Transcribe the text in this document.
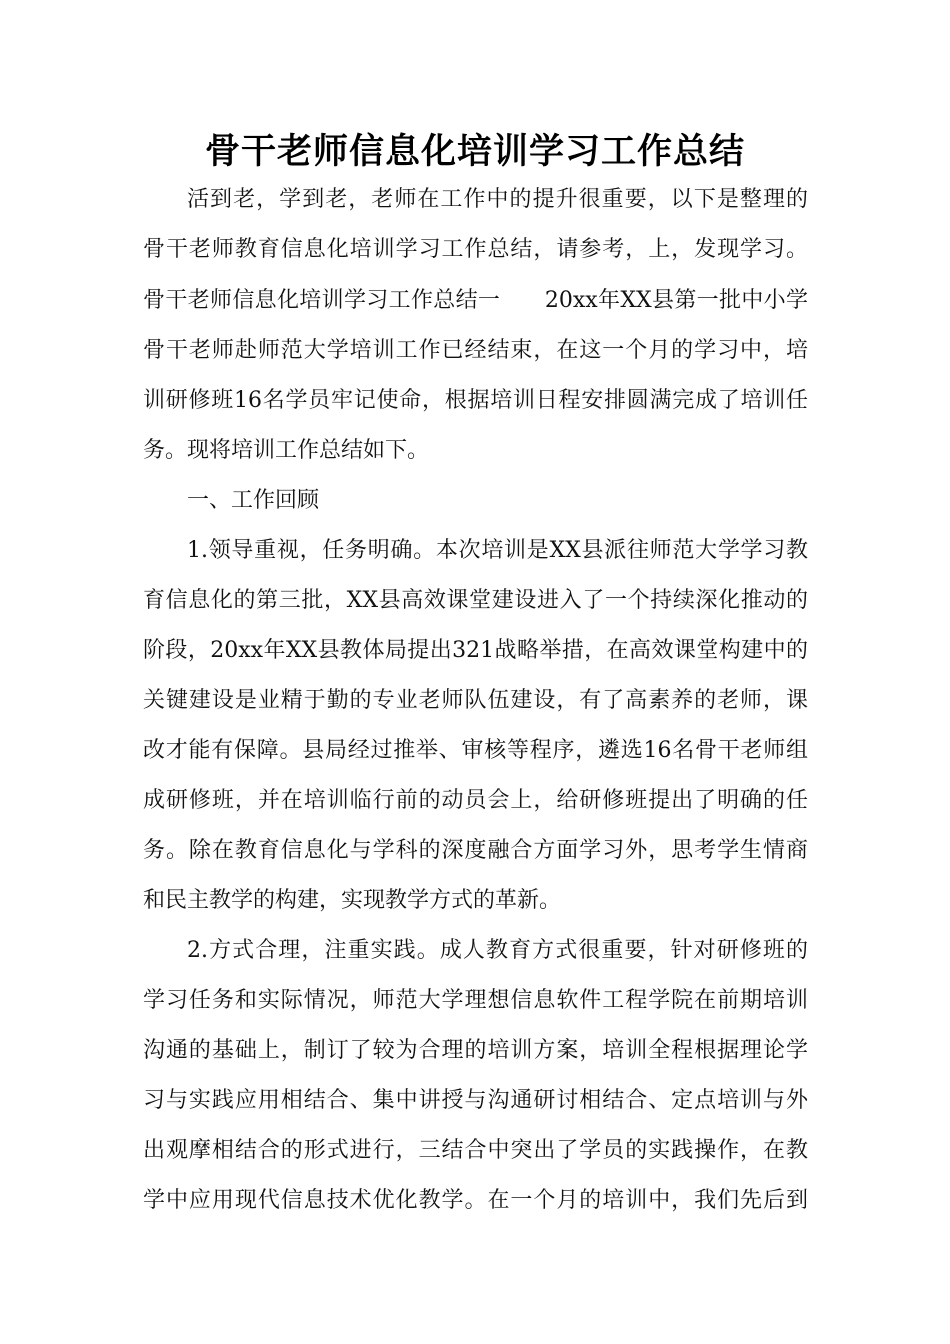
骨干老师信息化培训学习工作总结
活到老，学到老，老师在工作中的提升很重要，以下是整理的
骨干老师教育信息化培训学习工作总结，请参考，上，发现学习。
骨干老师信息化培训学习工作总结一　　20xx年XX县第一批中小学
骨干老师赴师范大学培训工作已经结束，在这一个月的学习中，培
训研修班16名学员牢记使命，根据培训日程安排圆满完成了培训任
务。现将培训工作总结如下。
一、工作回顾
1.领导重视，任务明确。本次培训是XX县派往师范大学学习教
育信息化的第三批，XX县高效课堂建设进入了一个持续深化推动的
阶段，20xx年XX县教体局提出321战略举措，在高效课堂构建中的
关键建设是业精于勤的专业老师队伍建设，有了高素养的老师，课
改才能有保障。县局经过推举、审核等程序，遴选16名骨干老师组
成研修班，并在培训临行前的动员会上，给研修班提出了明确的任
务。除在教育信息化与学科的深度融合方面学习外，思考学生情商
和民主教学的构建，实现教学方式的革新。
2.方式合理，注重实践。成人教育方式很重要，针对研修班的
学习任务和实际情况，师范大学理想信息软件工程学院在前期培训
沟通的基础上，制订了较为合理的培训方案，培训全程根据理论学
习与实践应用相结合、集中讲授与沟通研讨相结合、定点培训与外
出观摩相结合的形式进行，三结合中突出了学员的实践操作，在教
学中应用现代信息技术优化教学。在一个月的培训中，我们先后到
